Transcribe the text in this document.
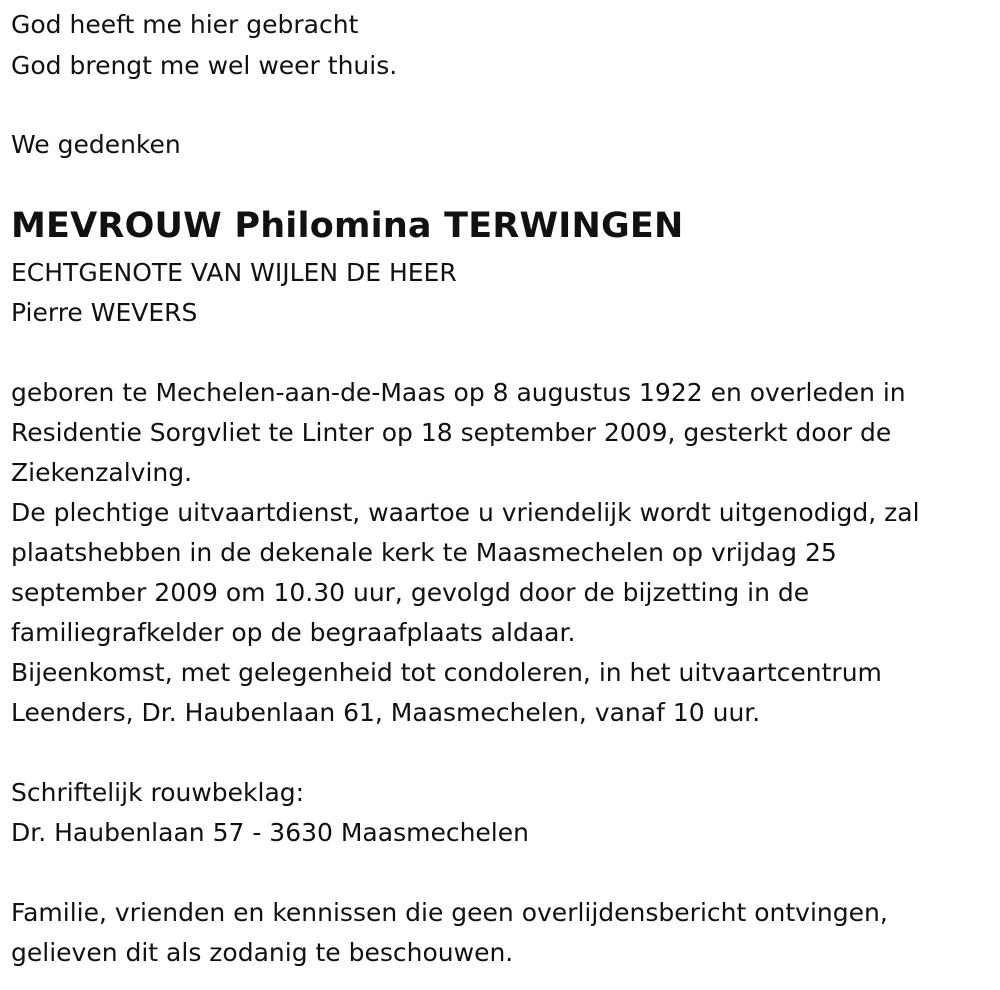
God heeft me hier gebracht
God brengt me wel weer thuis.
We gedenken
MEVROUW Philomina TERWINGEN
ECHTGENOTE VAN WIJLEN DE HEER
Pierre WEVERS
geboren te Mechelen-aan-de-Maas op 8 augustus 1922 en overleden in
Residentie Sorgvliet te Linter op 18 september 2009, gesterkt door de
Ziekenzalving.
De plechtige uitvaartdienst, waartoe u vriendelijk wordt uitgenodigd, zal
plaatshebben in de dekenale kerk te Maasmechelen op vrijdag 25
september 2009 om 10.30 uur, gevolgd door de bijzetting in de
familiegrafkelder op de begraafplaats aldaar.
Bijeenkomst, met gelegenheid tot condoleren, in het uitvaartcentrum
Leenders, Dr. Haubenlaan 61, Maasmechelen, vanaf 10 uur.
Schriftelijk rouwbeklag:
Dr. Haubenlaan 57 - 3630 Maasmechelen
Familie, vrienden en kennissen die geen overlijdensbericht ontvingen,
gelieven dit als zodanig te beschouwen.
